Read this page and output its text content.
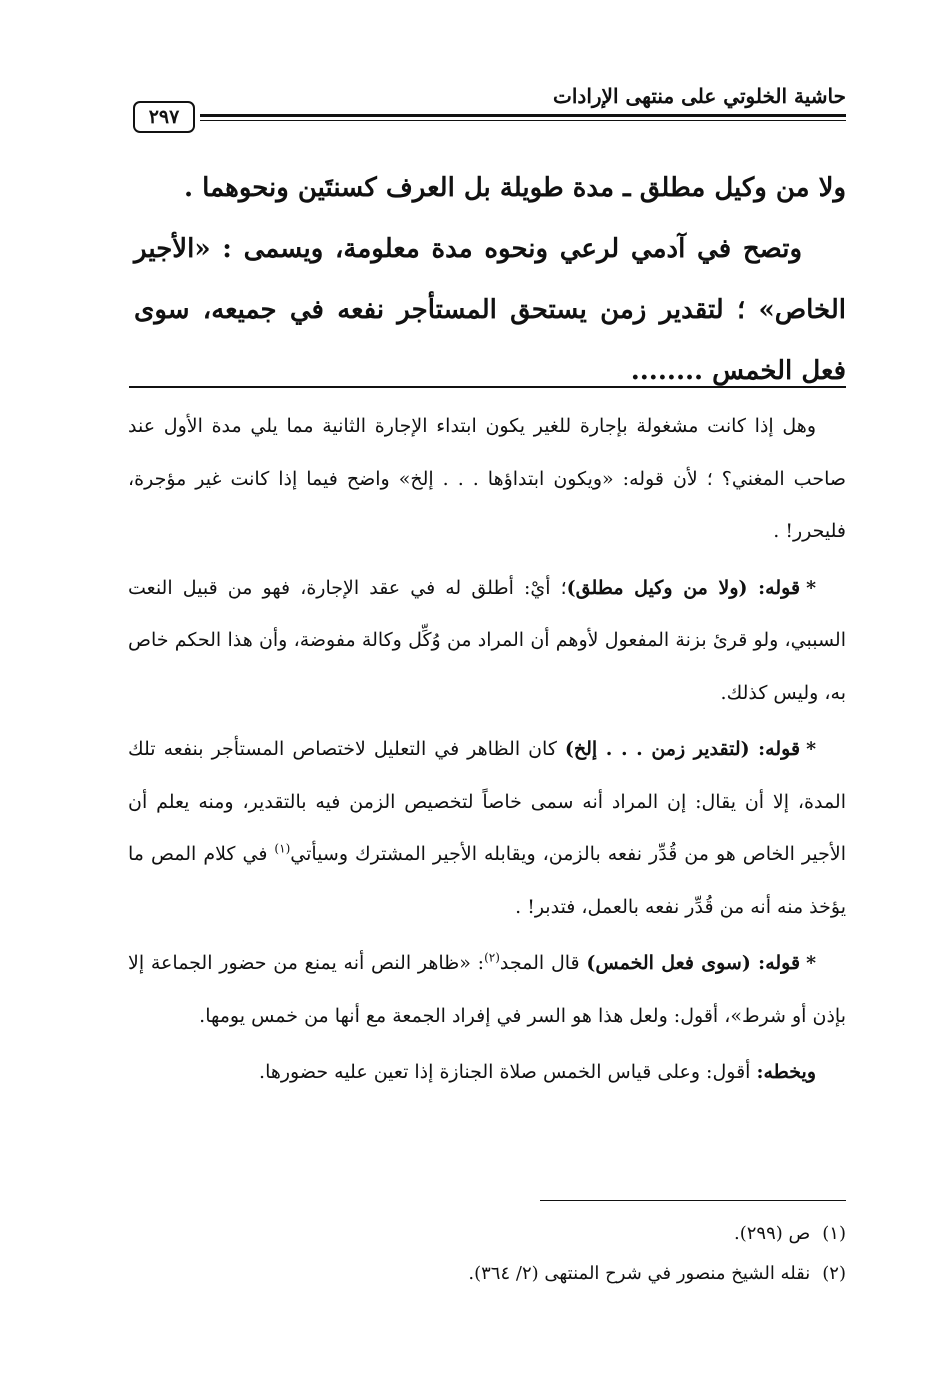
حاشية الخلوتي على منتهى الإرادات
٢٩٧

ولا من وكيل مطلق ـ مدة طويلة بل العرف كسنتَين ونحوهما .

وتصح في آدمي لرعي ونحوه مدة معلومة، ويسمى : «الأجير الخاص» ؛ لتقدير زمن يستحق المستأجر نفعه في جميعه، سوى فعل الخمس ........

وهل إذا كانت مشغولة بإجارة للغير يكون ابتداء الإجارة الثانية مما يلي مدة الأول عند صاحب المغني؟ ؛ لأن قوله: «ويكون ابتداؤها . . . إلخ» واضح فيما إذا كانت غير مؤجرة، فليحرر! .

*قوله: (ولا من وكيل مطلق)؛ أيْ: أطلق له في عقد الإجارة، فهو من قبيل النعت السببي، ولو قرئ بزنة المفعول لأوهم أن المراد من وُكِّل وكالة مفوضة، وأن هذا الحكم خاص به، وليس كذلك.

*قوله: (لتقدير زمن . . . إلخ) كان الظاهر في التعليل لاختصاص المستأجر بنفعه تلك المدة، إلا أن يقال: إن المراد أنه سمى خاصاً لتخصيص الزمن فيه بالتقدير، ومنه يعلم أن الأجير الخاص هو من قُدِّر نفعه بالزمن، ويقابله الأجير المشترك وسيأتي$^{(١)}$ في كلام المص ما يؤخذ منه أنه من قُدِّر نفعه بالعمل، فتدبر! .

*قوله: (سوى فعل الخمس) قال المجد$^{(٢)}$: «ظاهر النص أنه يمنع من حضور الجماعة إلا بإذن أو شرط»، أقول: ولعل هذا هو السر في إفراد الجمعة مع أنها من خمس يومها.

ويخطه: أقول: وعلى قياس الخمس صلاة الجنازة إذا تعين عليه حضورها.

(١)ص (٢٩٩).

(٢)نقله الشيخ منصور في شرح المنتهى (٢/ ٣٦٤).
